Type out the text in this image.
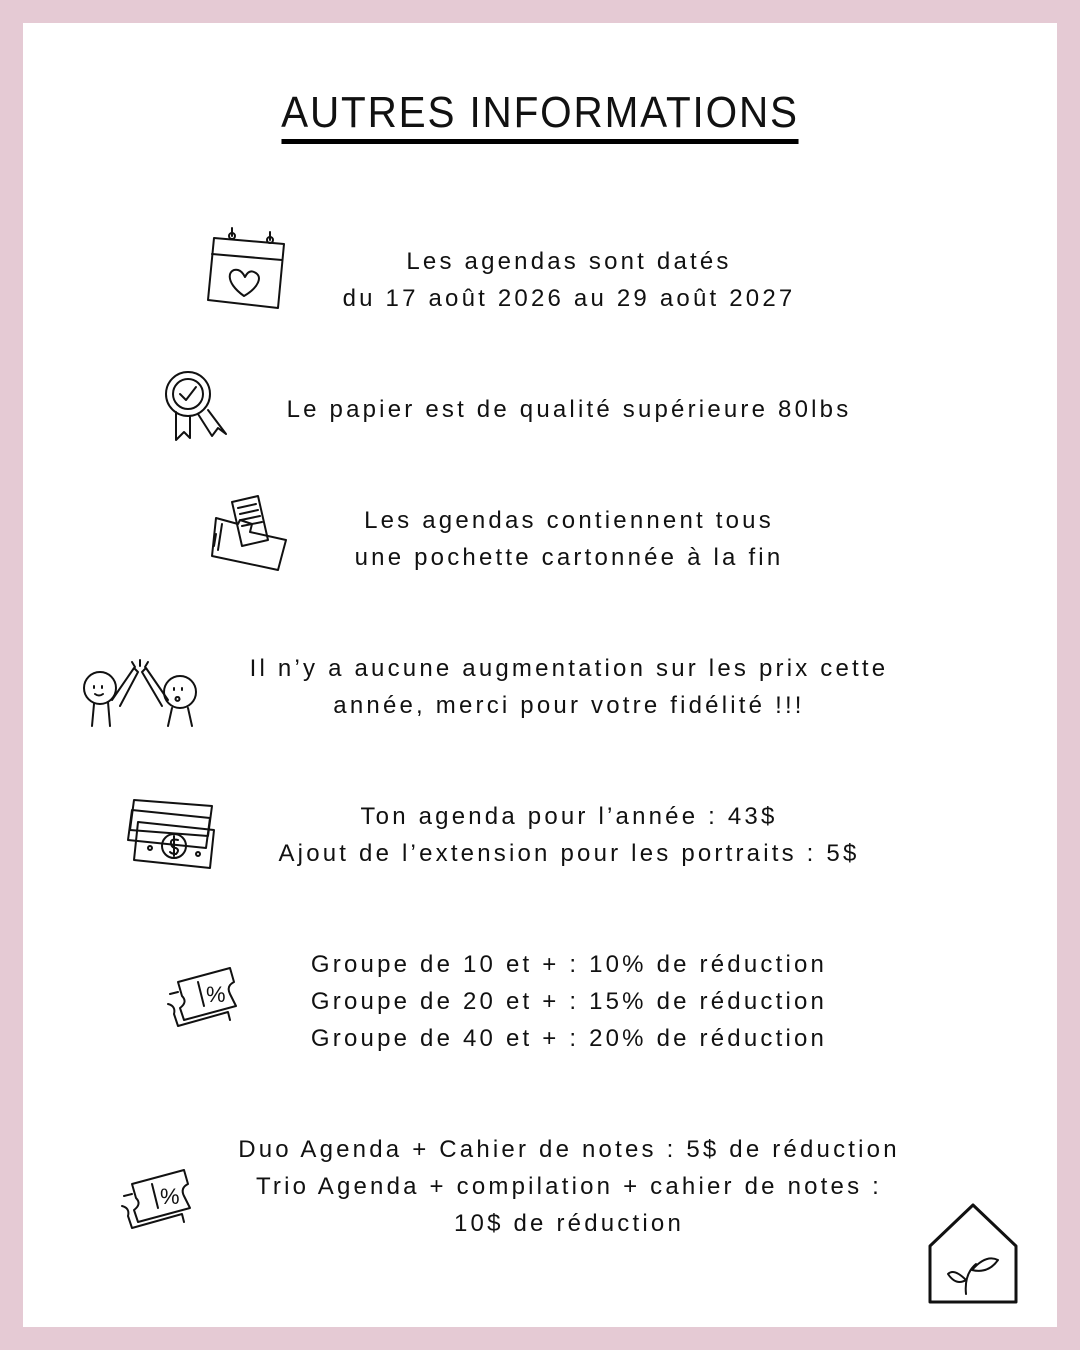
AUTRES INFORMATIONS
Les agendas sont datés
du 17 août 2026 au 29 août 2027
Le papier est de qualité supérieure 80lbs
Les agendas contiennent tous
une pochette cartonnée à la fin
Il n’y a aucune augmentation sur les prix cette
année, merci pour votre fidélité !!!
Ton agenda pour l’année : 43$
Ajout de l’extension pour les portraits : 5$
%
Groupe de 10 et + : 10% de réduction
Groupe de 20 et + : 15% de réduction
Groupe de 40 et + : 20% de réduction
%
Duo Agenda + Cahier de notes : 5$ de réduction
Trio Agenda + compilation + cahier de notes :
10$ de réduction
